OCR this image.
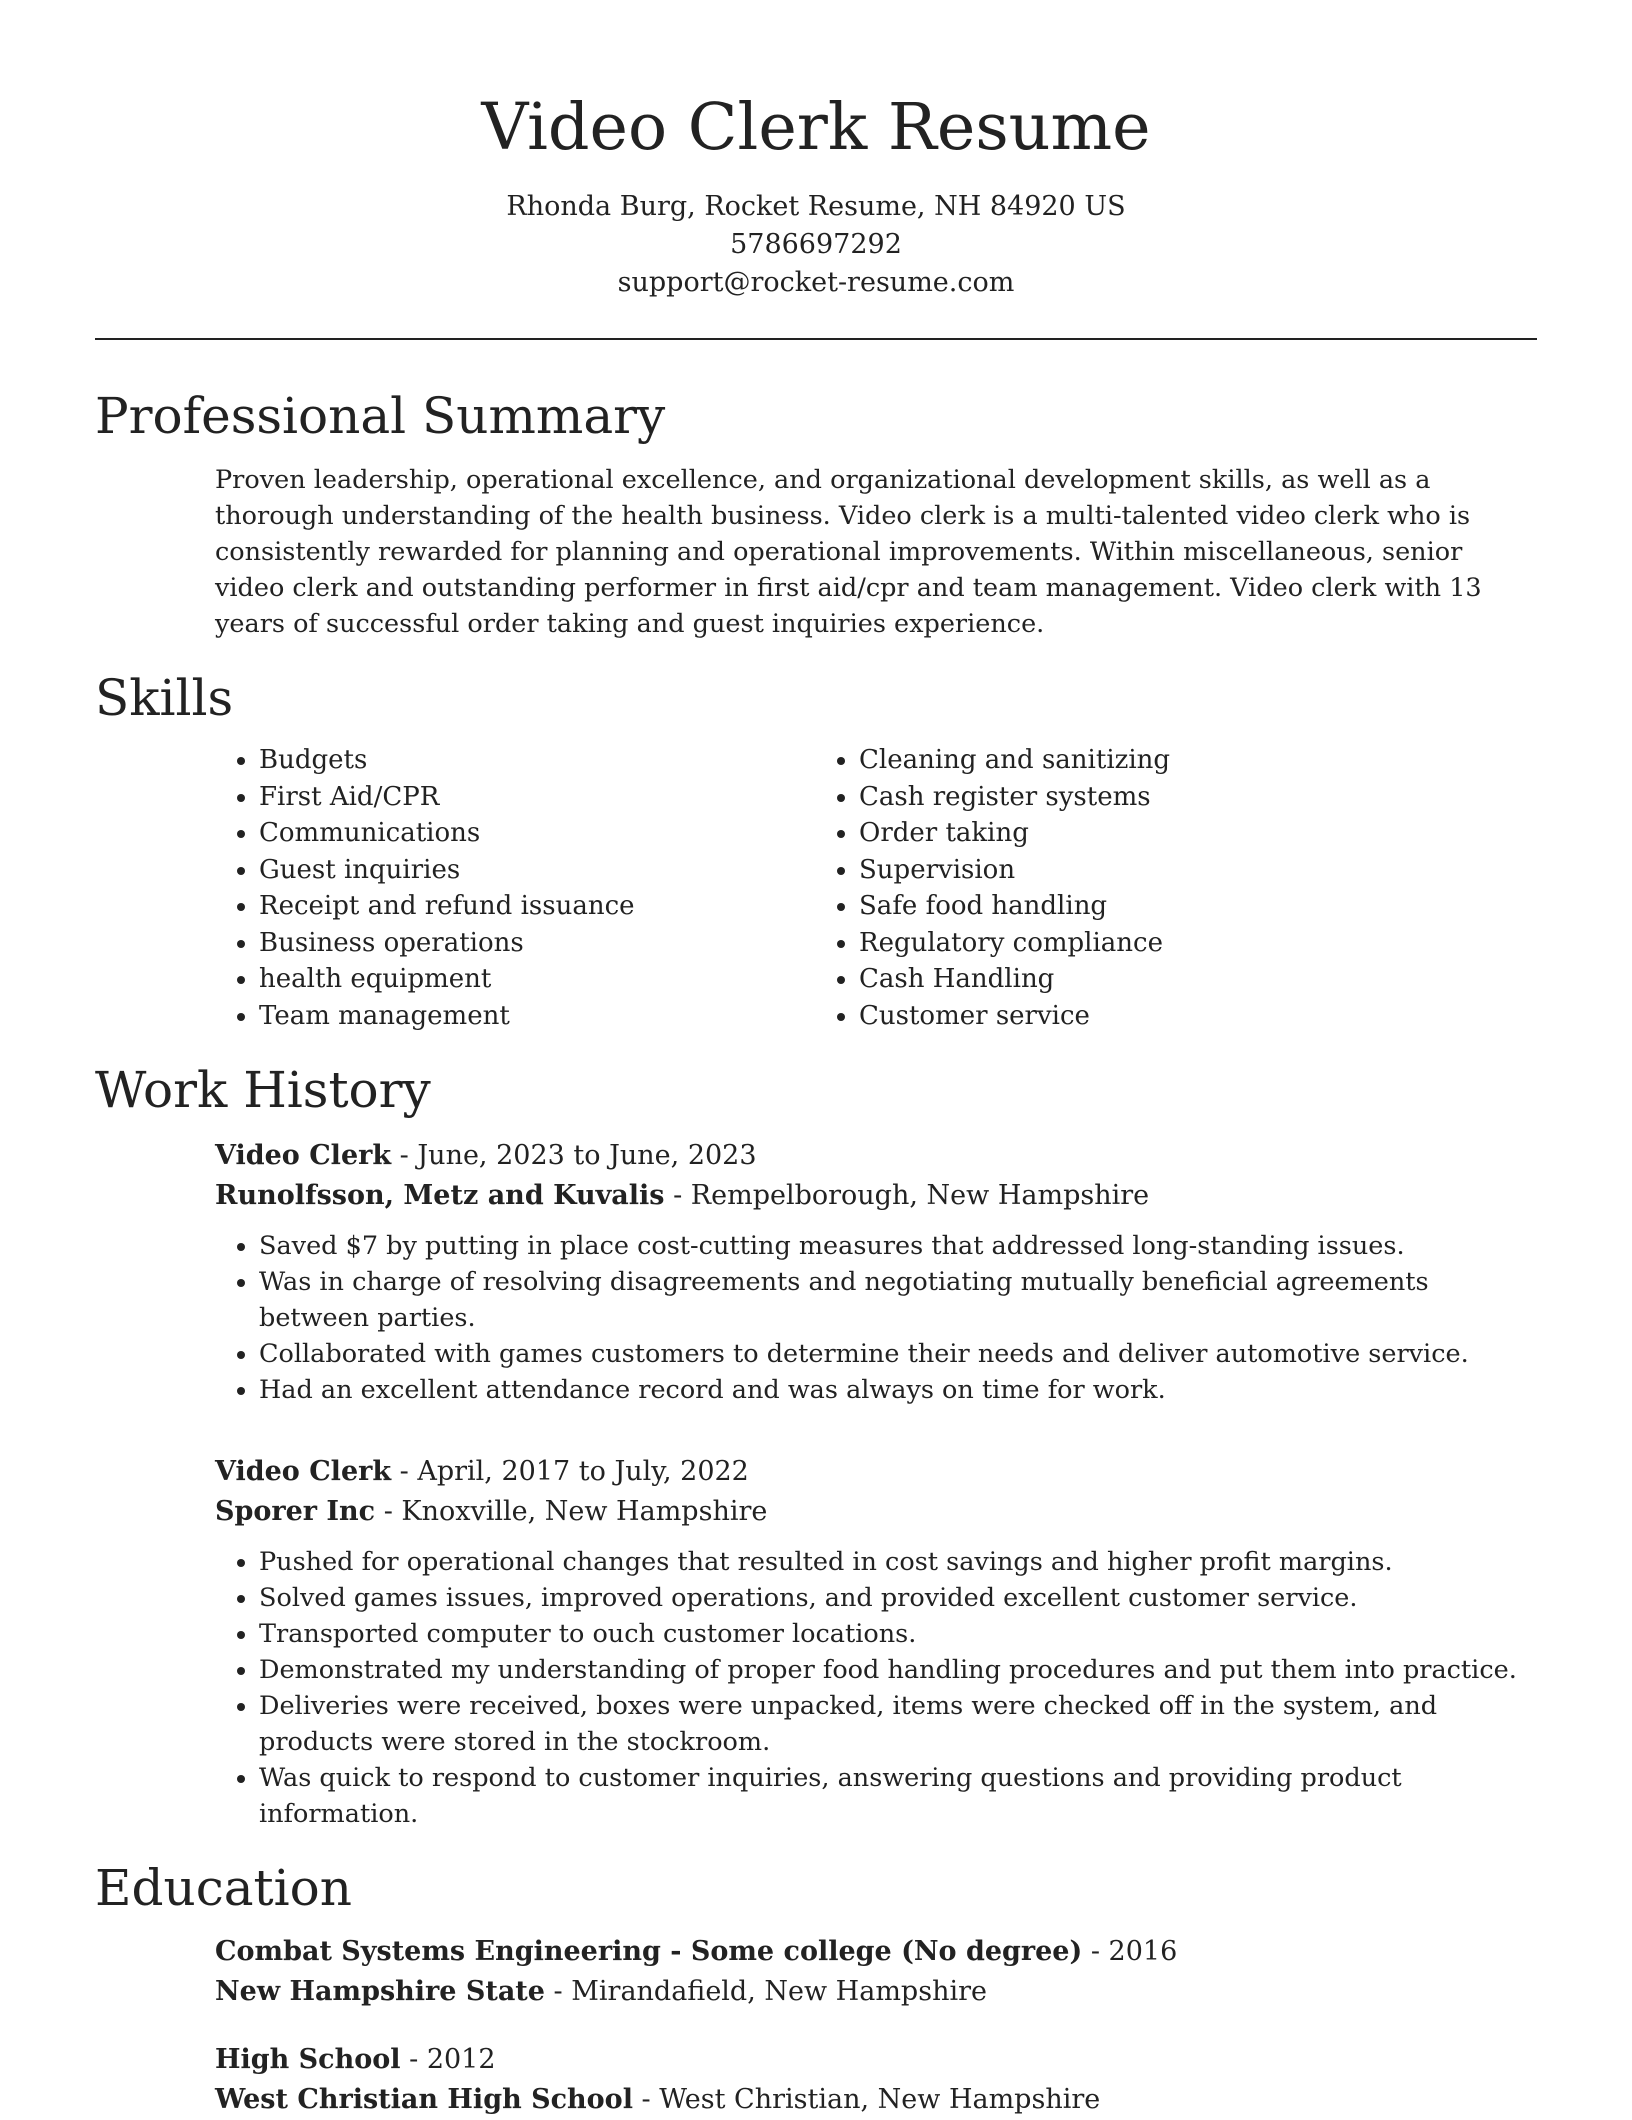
Video Clerk Resume
Rhonda Burg, Rocket Resume, NH 84920 US
5786697292
support@rocket-resume.com
Professional Summary

Proven leadership, operational excellence, and organizational development skills, as well as a thorough understanding of the health business. Video clerk is a multi-talented video clerk who is consistently rewarded for planning and operational improvements. Within miscellaneous, senior video clerk and outstanding performer in first aid/cpr and team management. Video clerk with 13 years of successful order taking and guest inquiries experience.

Skills
• Budgets
• First Aid/CPR
• Communications
• Guest inquiries
• Receipt and refund issuance
• Business operations
• health equipment
• Team management
• Cleaning and sanitizing
• Cash register systems
• Order taking
• Supervision
• Safe food handling
• Regulatory compliance
• Cash Handling
• Customer service
Work History
Video Clerk - June, 2023 to June, 2023
Runolfsson, Metz and Kuvalis - Rempelborough, New Hampshire
• Saved $7 by putting in place cost-cutting measures that addressed long-standing issues.
• Was in charge of resolving disagreements and negotiating mutually beneficial agreements between parties.
• Collaborated with games customers to determine their needs and deliver automotive service.
• Had an excellent attendance record and was always on time for work.
Video Clerk - April, 2017 to July, 2022
Sporer Inc - Knoxville, New Hampshire
• Pushed for operational changes that resulted in cost savings and higher profit margins.
• Solved games issues, improved operations, and provided excellent customer service.
• Transported computer to ouch customer locations.
• Demonstrated my understanding of proper food handling procedures and put them into practice.
• Deliveries were received, boxes were unpacked, items were checked off in the system, and products were stored in the stockroom.
• Was quick to respond to customer inquiries, answering questions and providing product information.
Education
Combat Systems Engineering - Some college (No degree) - 2016
New Hampshire State - Mirandafield, New Hampshire
High School - 2012
West Christian High School - West Christian, New Hampshire
